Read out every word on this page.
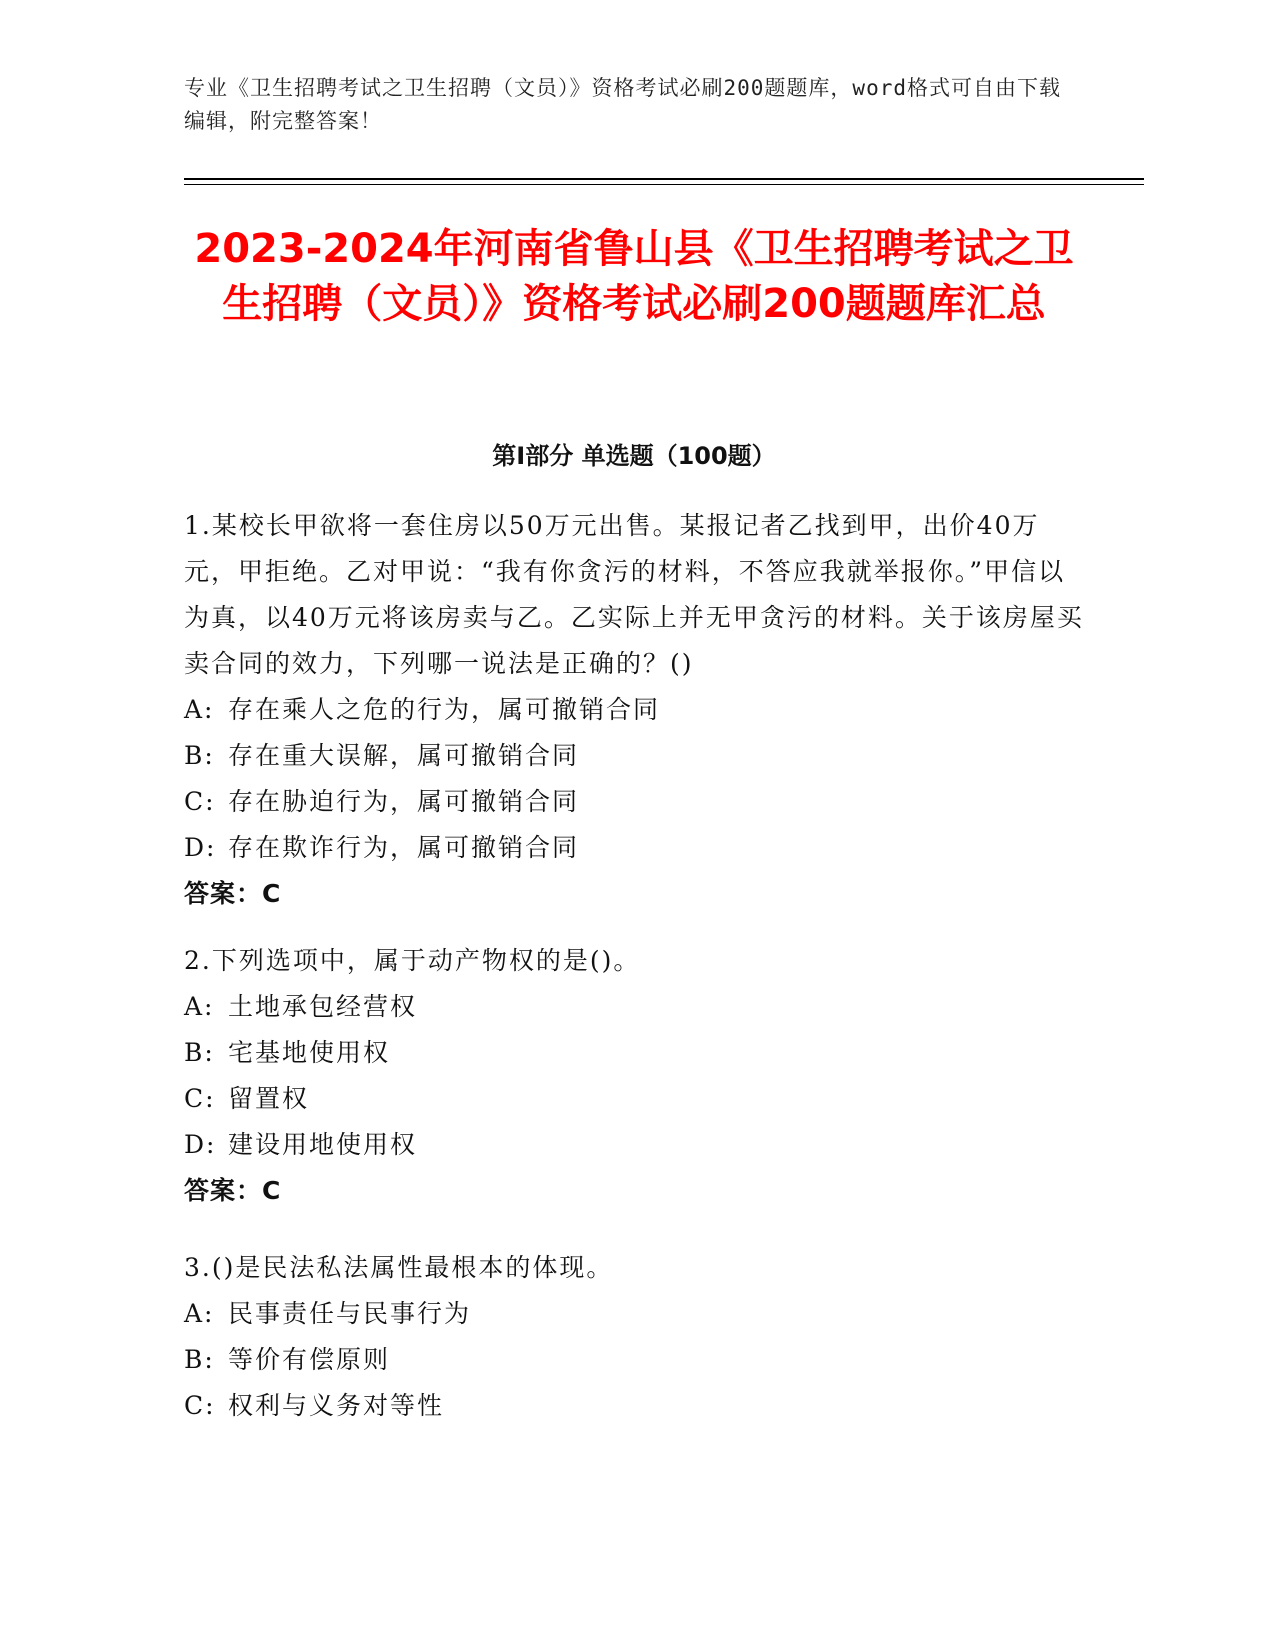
专业《卫生招聘考试之卫生招聘（文员）》资格考试必刷200题题库，word格式可自由下载编辑，附完整答案！
2023-2024年河南省鲁山县《卫生招聘考试之卫生招聘（文员）》资格考试必刷200题题库汇总
第Ⅰ部分 单选题（100题）

1.某校长甲欲将一套住房以50万元出售。某报记者乙找到甲，出价40万元，甲拒绝。乙对甲说：“我有你贪污的材料，不答应我就举报你。”甲信以为真，以40万元将该房卖与乙。乙实际上并无甲贪污的材料。关于该房屋买卖合同的效力，下列哪一说法是正确的？()

A: 存在乘人之危的行为，属可撤销合同

B: 存在重大误解，属可撤销合同

C: 存在胁迫行为，属可撤销合同

D: 存在欺诈行为，属可撤销合同

答案：C

2.下列选项中，属于动产物权的是()。

A: 土地承包经营权

B: 宅基地使用权

C: 留置权

D: 建设用地使用权

答案：C

3.()是民法私法属性最根本的体现。

A: 民事责任与民事行为

B: 等价有偿原则

C: 权利与义务对等性
